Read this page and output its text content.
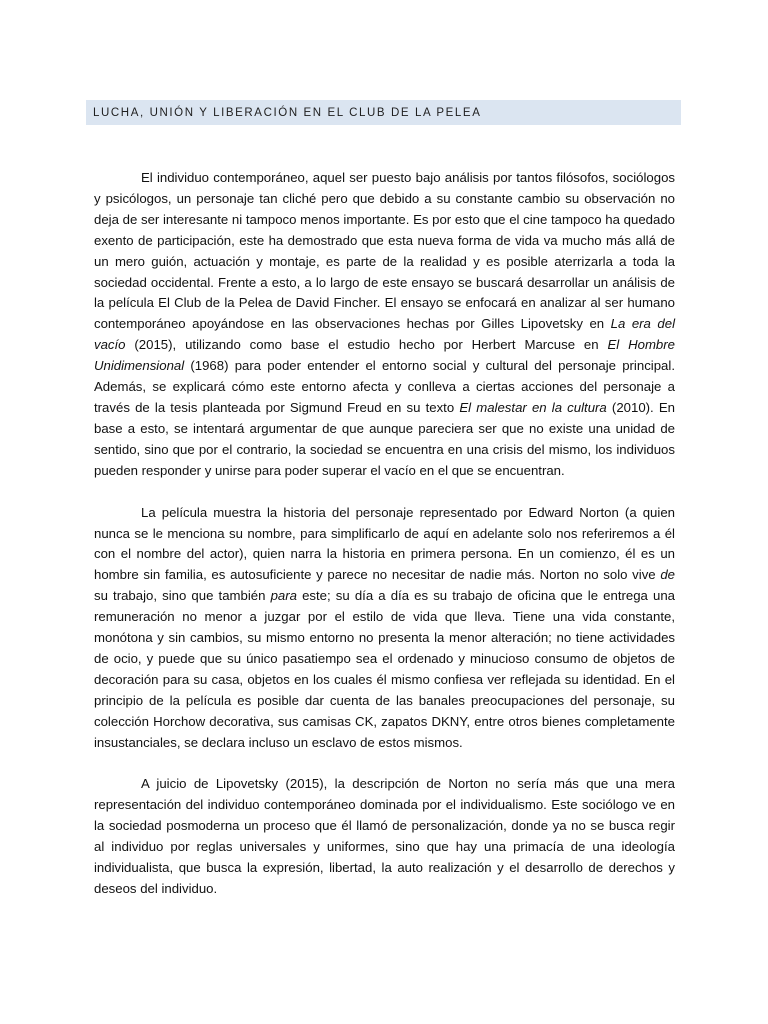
LUCHA, UNIÓN Y LIBERACIÓN EN EL CLUB DE LA PELEA

El individuo contemporáneo, aquel ser puesto bajo análisis por tantos filósofos, sociólogos y psicólogos, un personaje tan cliché pero que debido a su constante cambio su observación no deja de ser interesante ni tampoco menos importante. Es por esto que el cine tampoco ha quedado exento de participación, este ha demostrado que esta nueva forma de vida va mucho más allá de un mero guión, actuación y montaje, es parte de la realidad y es posible aterrizarla a toda la sociedad occidental. Frente a esto, a lo largo de este ensayo se buscará desarrollar un análisis de la película El Club de la Pelea de David Fincher. El ensayo se enfocará en analizar al ser humano contemporáneo apoyándose en las observaciones hechas por Gilles Lipovetsky en La era del vacío (2015), utilizando como base el estudio hecho por Herbert Marcuse en El Hombre Unidimensional (1968) para poder entender el entorno social y cultural del personaje principal. Además, se explicará cómo este entorno afecta y conlleva a ciertas acciones del personaje a través de la tesis planteada por Sigmund Freud en su texto El malestar en la cultura (2010). En base a esto, se intentará argumentar de que aunque pareciera ser que no existe una unidad de sentido, sino que por el contrario, la sociedad se encuentra en una crisis del mismo, los individuos pueden responder y unirse para poder superar el vacío en el que se encuentran.

La película muestra la historia del personaje representado por Edward Norton (a quien nunca se le menciona su nombre, para simplificarlo de aquí en adelante solo nos referiremos a él con el nombre del actor), quien narra la historia en primera persona. En un comienzo, él es un hombre sin familia, es autosuficiente y parece no necesitar de nadie más. Norton no solo vive de su trabajo, sino que también para este; su día a día es su trabajo de oficina que le entrega una remuneración no menor a juzgar por el estilo de vida que lleva. Tiene una vida constante, monótona y sin cambios, su mismo entorno no presenta la menor alteración; no tiene actividades de ocio, y puede que su único pasatiempo sea el ordenado y minucioso consumo de objetos de decoración para su casa, objetos en los cuales él mismo confiesa ver reflejada su identidad. En el principio de la película es posible dar cuenta de las banales preocupaciones del personaje, su colección Horchow decorativa, sus camisas CK, zapatos DKNY, entre otros bienes completamente insustanciales, se declara incluso un esclavo de estos mismos.

A juicio de Lipovetsky (2015), la descripción de Norton no sería más que una mera representación del individuo contemporáneo dominada por el individualismo. Este sociólogo ve en la sociedad posmoderna un proceso que él llamó de personalización, donde ya no se busca regir al individuo por reglas universales y uniformes, sino que hay una primacía de una ideología individualista, que busca la expresión, libertad, la auto realización y el desarrollo de derechos y deseos del individuo.
